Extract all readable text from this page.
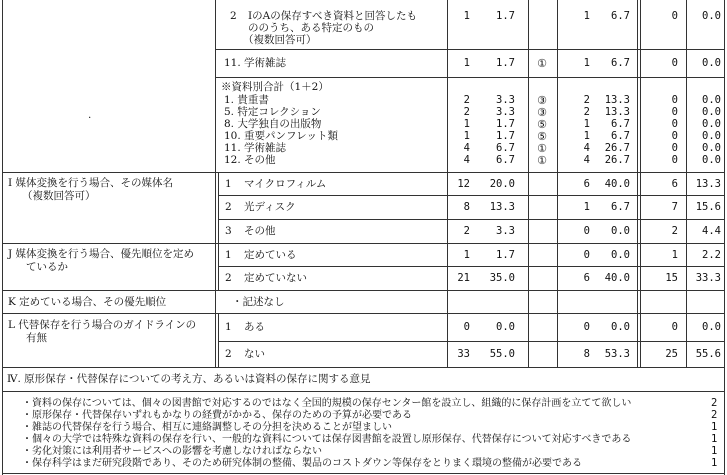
2 ⅠのAの保存すべき資料と回答したも
ののうち、ある特定のもの
（複数回答可）
1	1.7	1	6.7	0	0.0
11. 学術雑誌	1	1.7	①	1	6.7	0	0.0
※資料別合計（1＋2）
.
1. 貴重書	2	3.3	③	2	13.3	0	0.0
5. 特定コレクション	2	3.3	③	2	13.3	0	0.0
8. 大学独自の出版物	1	1.7	⑤	1	6.7	0	0.0
10. 重要パンフレット類	1	1.7	⑤	1	6.7	0	0.0
11. 学術雑誌	4	6.7	①	4	26.7	0	0.0
12. その他	4	6.7	①	4	26.7	0	0.0
Ⅰ 媒体変換を行う場合、その媒体名
（複数回答可）
1 マイクロフィルム	12	20.0	6	40.0	6	13.3
2 光ディスク	8	13.3	1	6.7	7	15.6
3 その他	2	3.3	0	0.0	2	4.4
J 媒体変換を行う場合、優先順位を定め
ているか
1 定めている	1	1.7	0	0.0	1	2.2
2 定めていない	21	35.0	6	40.0	15	33.3
K 定めている場合、その優先順位	・記述なし
L 代替保存を行う場合のガイドラインの
有無
1 ある	0	0.0	0	0.0	0	0.0
2 ない	33	55.0	8	53.3	25	55.6
Ⅳ. 原形保存・代替保存についての考え方、あるいは資料の保存に関する意見
・資料の保存については、個々の図書館で対応するのではなく全国的規模の保存センター館を設立し、組織的に保存計画を立てて欲しい	2
・原形保存・代替保存いずれもかなりの経費がかかる、保存のための予算が必要である	2
・雑誌の代替保存を行う場合、相互に連絡調整しその分担を決めることが望ましい	1
・個々の大学では特殊な資料の保存を行い、一般的な資料については保存図書館を設置し原形保存、代替保存について対応すべきである	1
・劣化対策には利用者サービスへの影響を考慮しなければならない	1
・保存科学はまだ研究段階であり、そのため研究体制の整備、製品のコストダウン等保存をとりまく環境の整備が必要である	1
